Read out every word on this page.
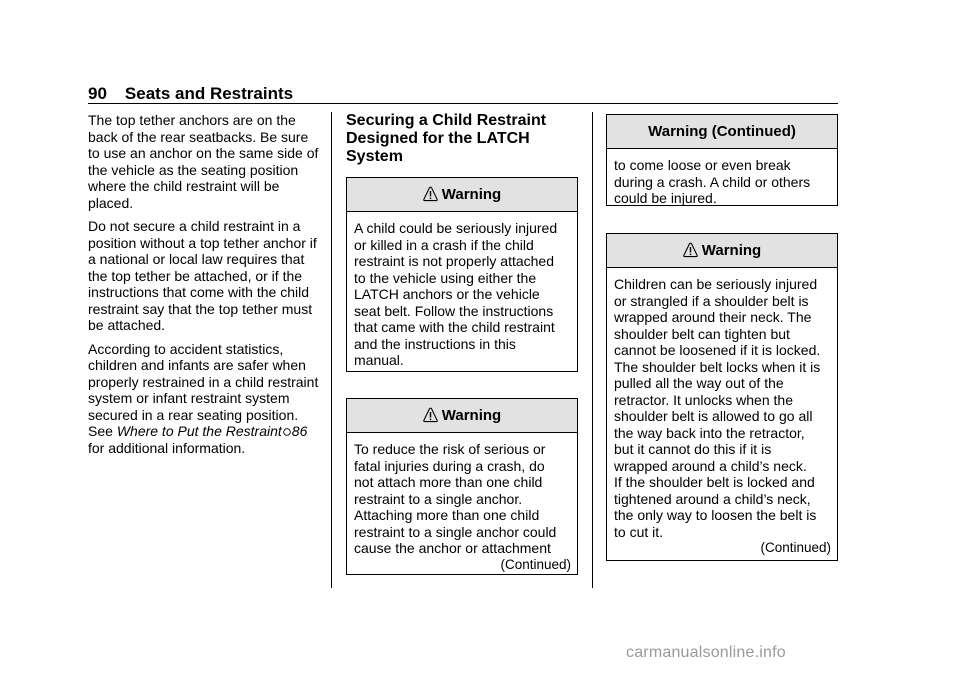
90 Seats and Restraints

The top tether anchors are on the back of the rear seatbacks. Be sure to use an anchor on the same side of the vehicle as the seating position where the child restraint will be placed.

Do not secure a child restraint in a position without a top tether anchor if a national or local law requires that the top tether be attached, or if the instructions that come with the child restraint say that the top tether must be attached.

According to accident statistics, children and infants are safer when properly restrained in a child restraint system or infant restraint system secured in a rear seating position. See Where to Put the Restraint 86 for additional information.

Securing a Child Restraint Designed for the LATCH System
Warning
A child could be seriously injured
or killed in a crash if the child
restraint is not properly attached
to the vehicle using either the
LATCH anchors or the vehicle
seat belt. Follow the instructions
that came with the child restraint
and the instructions in this
manual.
Warning
To reduce the risk of serious or
fatal injuries during a crash, do
not attach more than one child
restraint to a single anchor.
Attaching more than one child
restraint to a single anchor could
cause the anchor or attachment
(Continued)
Warning (Continued)
to come loose or even break
during a crash. A child or others
could be injured.
Warning
Children can be seriously injured
or strangled if a shoulder belt is
wrapped around their neck. The
shoulder belt can tighten but
cannot be loosened if it is locked.
The shoulder belt locks when it is
pulled all the way out of the
retractor. It unlocks when the
shoulder belt is allowed to go all
the way back into the retractor,
but it cannot do this if it is
wrapped around a child’s neck.
If the shoulder belt is locked and
tightened around a child’s neck,
the only way to loosen the belt is
to cut it.
(Continued)
carmanualsonline.info
